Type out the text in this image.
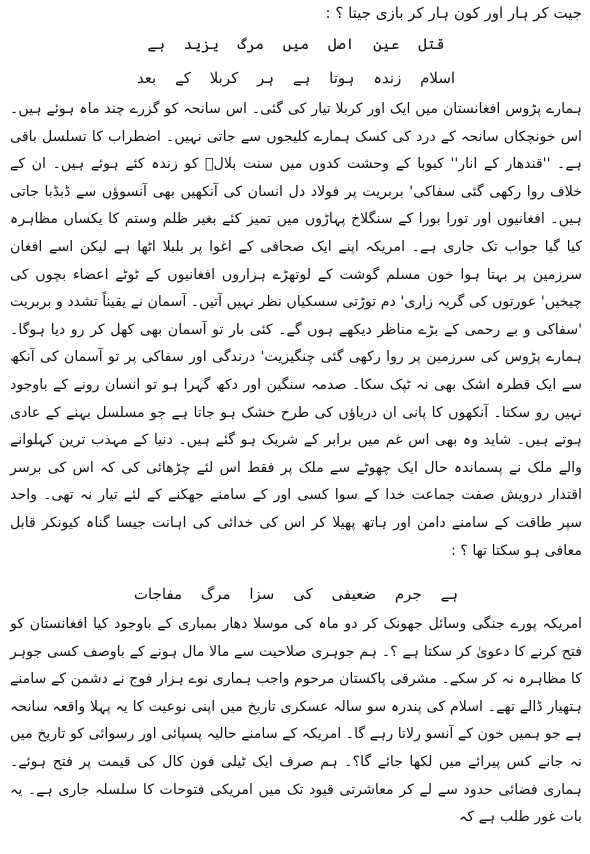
جیت کر ہار اور کون ہار کر بازی جیتا ؟ :
قتل عین اصل میں مرگ یزید ہے
اسلام زندہ ہوتا ہے ہر کربلا کے بعد

ہمارے پڑوس افغانستان میں ایک اور کربلا تیار کی گئی۔ اس سانحہ کو گزرے چند ماہ ہوئے ہیں۔ اس خونچکاں سانحہ کے درد کی کسک ہمارے کلیجوں سے جاتی نہیں۔ اضطراب کا تسلسل باقی ہے۔ ''قندھار کے انار'' کیوبا کے وحشت کدوں میں سنت بلالؓ کو زندہ کئے ہوئے ہیں۔ ان کے خلاف روا رکھی گئی سفاکی' بربریت پر فولاد دل انسان کی آنکھیں بھی آنسوؤں سے ڈبڈبا جاتی ہیں۔ افغانیوں اور تورا بورا کے سنگلاخ پہاڑوں میں تمیز کئے بغیر ظلم وستم کا یکساں مظاہرہ کیا گیا جواب تک جاری ہے۔ امریکہ اپنے ایک صحافی کے اغوا پر بلبلا اٹھا ہے لیکن اسے افغان سرزمین پر بہتا ہوا خون مسلم گوشت کے لوتھڑے ہزاروں افغانیوں کے ٹوٹے اعضاء بچوں کی چیخیں' عورتوں کی گریہ زاری' دم توڑتی سسکیاں نظر نہیں آتیں۔ آسمان نے یقیناً تشدد و بربریت 'سفاکی و بے رحمی کے بڑے مناظر دیکھے ہوں گے۔ کئی بار تو آسمان بھی کھل کر رو دیا ہوگا۔ ہمارے پڑوس کی سرزمین پر روا رکھی گئی چنگیزیت' درندگی اور سفاکی پر تو آسمان کی آنکھ سے ایک قطرہ اشک بھی نہ ٹپک سکا۔ صدمہ سنگین اور دکھ گہرا ہو تو انسان رونے کے باوجود نہیں رو سکتا۔ آنکھوں کا پانی ان دریاؤں کی طرح خشک ہو جاتا ہے جو مسلسل بہنے کے عادی ہوتے ہیں۔ شاید وہ بھی اس غم میں برابر کے شریک ہو گئے ہیں۔ دنیا کے مہذب ترین کہلوانے والے ملک نے پسماندہ حال ایک چھوٹے سے ملک پر فقط اس لئے چڑھائی کی کہ اس کی برسر اقتدار درویش صفت جماعت خدا کے سوا کسی اور کے سامنے جھکنے کے لئے تیار نہ تھی۔ واحد سپر طاقت کے سامنے دامن اور ہاتھ پھیلا کر اس کی خدائی کی اہانت جیسا گناہ کیونکر قابل معافی ہو سکتا تھا ؟ :

ہے جرم ضعیفی کی سزا مرگ مفاجات

امریکہ پورے جنگی وسائل جھونک کر دو ماہ کی موسلا دھار بمباری کے باوجود کیا افغانستان کو فتح کرنے کا دعویٰ کر سکتا ہے ؟۔ ہم جوہری صلاحیت سے مالا مال ہونے کے باوصف کسی جوہر کا مظاہرہ نہ کر سکے۔ مشرقی پاکستان مرحوم واجب ہماری نوے ہزار فوج نے دشمن کے سامنے ہتھیار ڈالے تھے۔ اسلام کی پندرہ سو سالہ عسکری تاریخ میں اپنی نوعیت کا یہ پہلا واقعہ سانحہ ہے جو ہمیں خون کے آنسو رلاتا رہے گا۔ امریکہ کے سامنے حالیہ پسپائی اور رسوائی کو تاریخ میں نہ جانے کس پیرائے میں لکھا جائے گا؟۔ ہم صرف ایک ٹیلی فون کال کی قیمت پر فتح ہوئے۔ ہماری فضائی حدود سے لے کر معاشرتی قیود تک میں امریکی فتوحات کا سلسلہ جاری ہے۔ یہ بات غور طلب ہے کہ
